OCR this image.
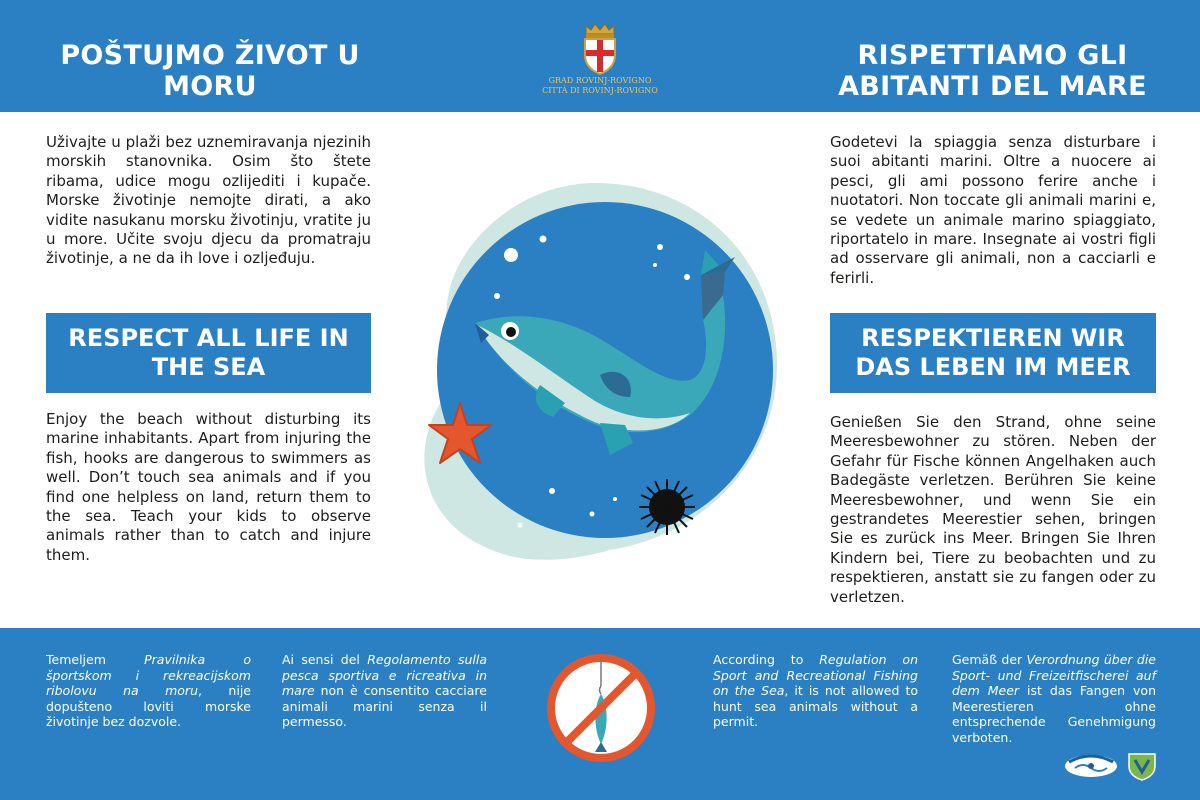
POŠTUJMO ŽIVOT U MORU	GRAD ROVINJ-ROVIGNO
CITTÀ DI ROVINJ-ROVIGNO
RISPETTIAMO GLI ABITANTI DEL MARE
Uživajte u plaži bez uznemiravanja njezinih morskih stanovnika. Osim što štete ribama, udice mogu ozlijediti i kupače. Morske životinje nemojte dirati, a ako vidite nasukanu morsku životinju, vratite ju u more. Učite svoju djecu da promatraju životinje, a ne da ih love i ozljeđuju.
Godetevi la spiaggia senza disturbare i suoi abitanti marini. Oltre a nuocere ai pesci, gli ami possono ferire anche i nuotatori. Non toccate gli animali marini e, se vedete un animale marino spiaggiato, riportatelo in mare. Insegnate ai vostri figli ad osservare gli animali, non a cacciarli e ferirli.
RESPECT ALL LIFE IN THE SEA
RESPEKTIEREN WIR DAS LEBEN IM MEER
Enjoy the beach without disturbing its marine inhabitants. Apart from injuring the fish, hooks are dangerous to swimmers as well. Don’t touch sea animals and if you find one helpless on land, return them to the sea. Teach your kids to observe animals rather than to catch and injure them.
Genießen Sie den Strand, ohne seine Meeresbewohner zu stören. Neben der Gefahr für Fische können Angelhaken auch Badegäste verletzen. Berühren Sie keine Meeresbewohner, und wenn Sie ein gestrandetes Meerestier sehen, bringen Sie es zurück ins Meer. Bringen Sie Ihren Kindern bei, Tiere zu beobachten und zu respektieren, anstatt sie zu fangen oder zu verletzen.
Temeljem Pravilnika o športskom i rekreacijskom ribolovu na moru, nije dopušteno loviti morske životinje bez dozvole.
Ai sensi del Regolamento sulla pesca sportiva e ricreativa in mare non è consentito cacciare animali marini senza il permesso.
According to Regulation on Sport and Recreational Fishing on the Sea, it is not allowed to hunt sea animals without a permit.
Gemäß der Verordnung über die Sport- und Freizeitfischerei auf dem Meer ist das Fangen von Meerestieren ohne entsprechende Genehmigung verboten.
